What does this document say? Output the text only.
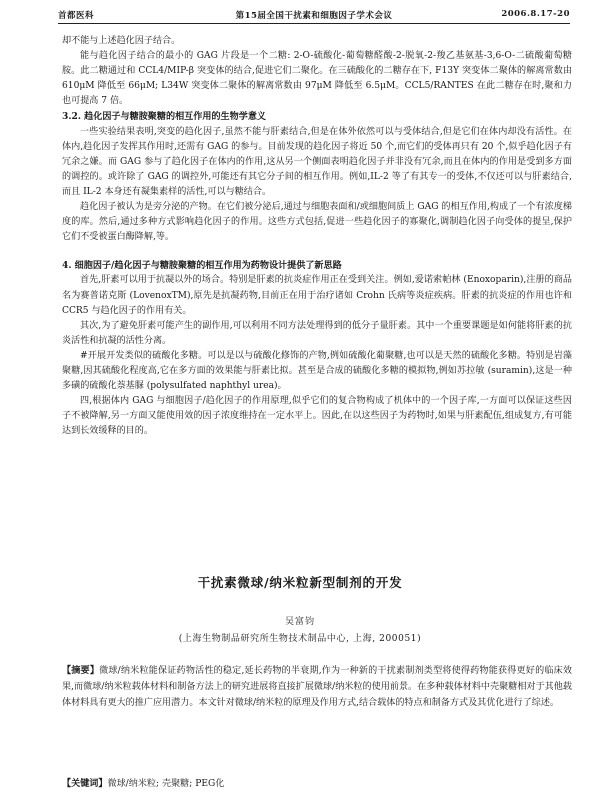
首都医科	第15届全国干扰素和细胞因子学术会议	2006.8.17-20

却不能与上述趋化因子结合。

能与趋化因子结合的最小的 GAG 片段是一个二糖: 2-O-硫酸化-葡萄糖醛酸-2-脱氧-2-羧乙基氨基-3,6-O-二硫酸葡萄糖胺。此二糖通过和 CCL4/MIP-β 突变体的结合,促进它们二聚化。在三硫酸化的二糖存在下, F13Y 突变体二聚体的解离常数由 610μM 降低至 66μM; L34W 突变体二聚体的解离常数由 97μM 降低至 6.5μM。CCL5/RANTES 在此二糖存在时,聚和力也可提高 7 倍。

3.2. 趋化因子与糖胺聚糖的相互作用的生物学意义

一些实验结果表明,突变的趋化因子,虽然不能与肝素结合,但是在体外依然可以与受体结合,但是它们在体内却没有活性。在体内,趋化因子发挥其作用时,还需有 GAG 的参与。目前发现的趋化因子将近 50 个,而它们的受体再只有 20 个,似乎趋化因子有冗余之嫌。而 GAG 参与了趋化因子在体内的作用,这从另一个侧面表明趋化因子并非没有冗余,而且在体内的作用是受到多方面的调控的。或许除了 GAG 的调控外,可能还有其它分子间的相互作用。例如,IL-2 等了有其专一的受体,不仅还可以与肝素结合,而且 IL-2 本身还有凝集素样的活性,可以与糖结合。

趋化因子被认为是旁分泌的产物。在它们被分泌后,通过与细胞表面和/或细胞间质上 GAG 的相互作用,构成了一个有浓度梯度的库。然后,通过多种方式影响趋化因子的作用。这些方式包括,促进一些趋化因子的寡聚化,调制趋化因子向受体的提呈,保护它们不受被蛋白酶降解,等。

4. 细胞因子/趋化因子与糖胺聚糖的相互作用为药物设计提供了新思路

首先,肝素可以用于抗凝以外的场合。特别是肝素的抗炎症作用正在受到关注。例如,爱诺索帕林 (Enoxoparin),注册的商品名为赛普诺克斯 (LovenoxTM),原先是抗凝药物,目前正在用于治疗诸如 Crohn 氏病等炎症疾病。肝素的抗炎症的作用也许和 CCR5 与趋化因子的作用有关。

其次,为了避免肝素可能产生的副作用,可以利用不同方法处理得到的低分子量肝素。其中一个重要课题是如何能将肝素的抗炎活性和抗凝的活性分离。

#开展开发类似的硫酸化多糖。可以是以与硫酸化修饰的产物,例如硫酸化葡聚糖,也可以是天然的硫酸化多糖。特别是岩藻聚糖,因其硫酸化程度高,它在多方面的效果能与肝素比拟。甚至是合成的硫酸化多糖的模拟物,例如苏拉敏 (suramin),这是一种多磺的硫酸化萘基脲 (polysulfated naphthyl urea)。

四,根据体内 GAG 与细胞因子/趋化因子的作用原理,似乎它们的复合物构成了机体中的一个因子库,一方面可以保证这些因子不被降解,另一方面又能使用效的因子浓度维持在一定水平上。因此,在以这些因子为药物时,如果与肝素配伍,组成复方,有可能达到长效缓释的目的。

干扰素微球/纳米粒新型制剂的开发
吴富钧
(上海生物制品研究所生物技术制品中心, 上海, 200051)

【摘要】微球/纳米粒能保证药物活性的稳定,延长药物的半衰期,作为一种新的干扰素制剂类型将使得药物能获得更好的临床效果,而微球/纳米粒载体材料和制备方法上的研究进展将直接扩展微球/纳米粒的使用前景。在多种载体材料中壳聚糖相对于其他载体材料具有更大的推广应用潜力。本文针对微球/纳米粒的原理及作用方式,结合载体的特点和制备方式及其优化进行了综述。

【关键词】微球/纳米粒; 壳聚糖; PEG化
